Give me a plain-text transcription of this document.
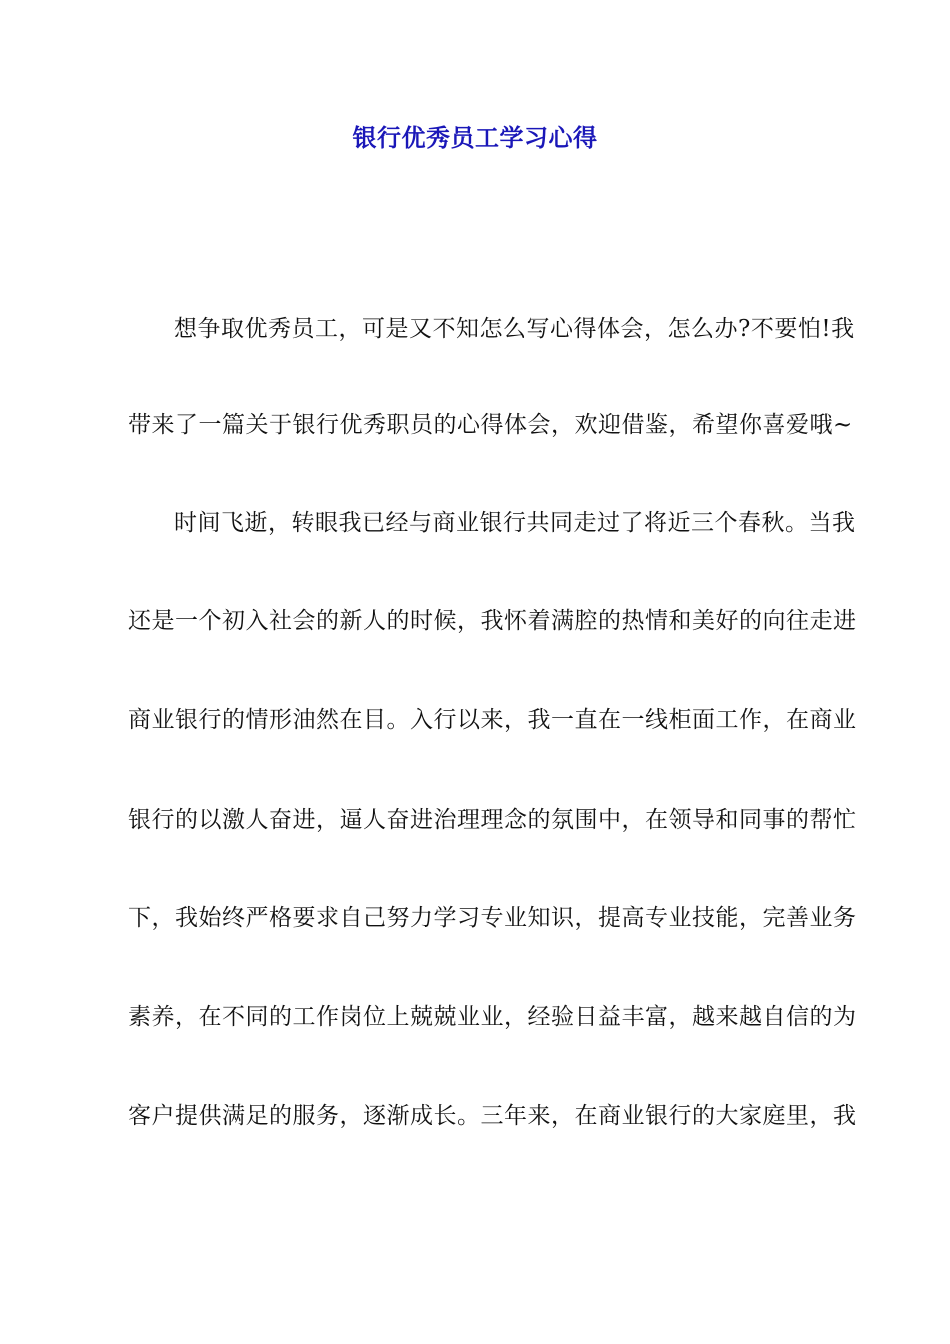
银行优秀员工学习心得
想争取优秀员工，可是又不知怎么写心得体会，怎么办?不要怕!我
带来了一篇关于银行优秀职员的心得体会，欢迎借鉴，希望你喜爱哦~
时间飞逝，转眼我已经与商业银行共同走过了将近三个春秋。当我
还是一个初入社会的新人的时候，我怀着满腔的热情和美好的向往走进
商业银行的情形油然在目。入行以来，我一直在一线柜面工作，在商业
银行的以激人奋进，逼人奋进治理理念的氛围中，在领导和同事的帮忙
下，我始终严格要求自己努力学习专业知识，提高专业技能，完善业务
素养，在不同的工作岗位上兢兢业业，经验日益丰富，越来越自信的为
客户提供满足的服务，逐渐成长。三年来，在商业银行的大家庭里，我
